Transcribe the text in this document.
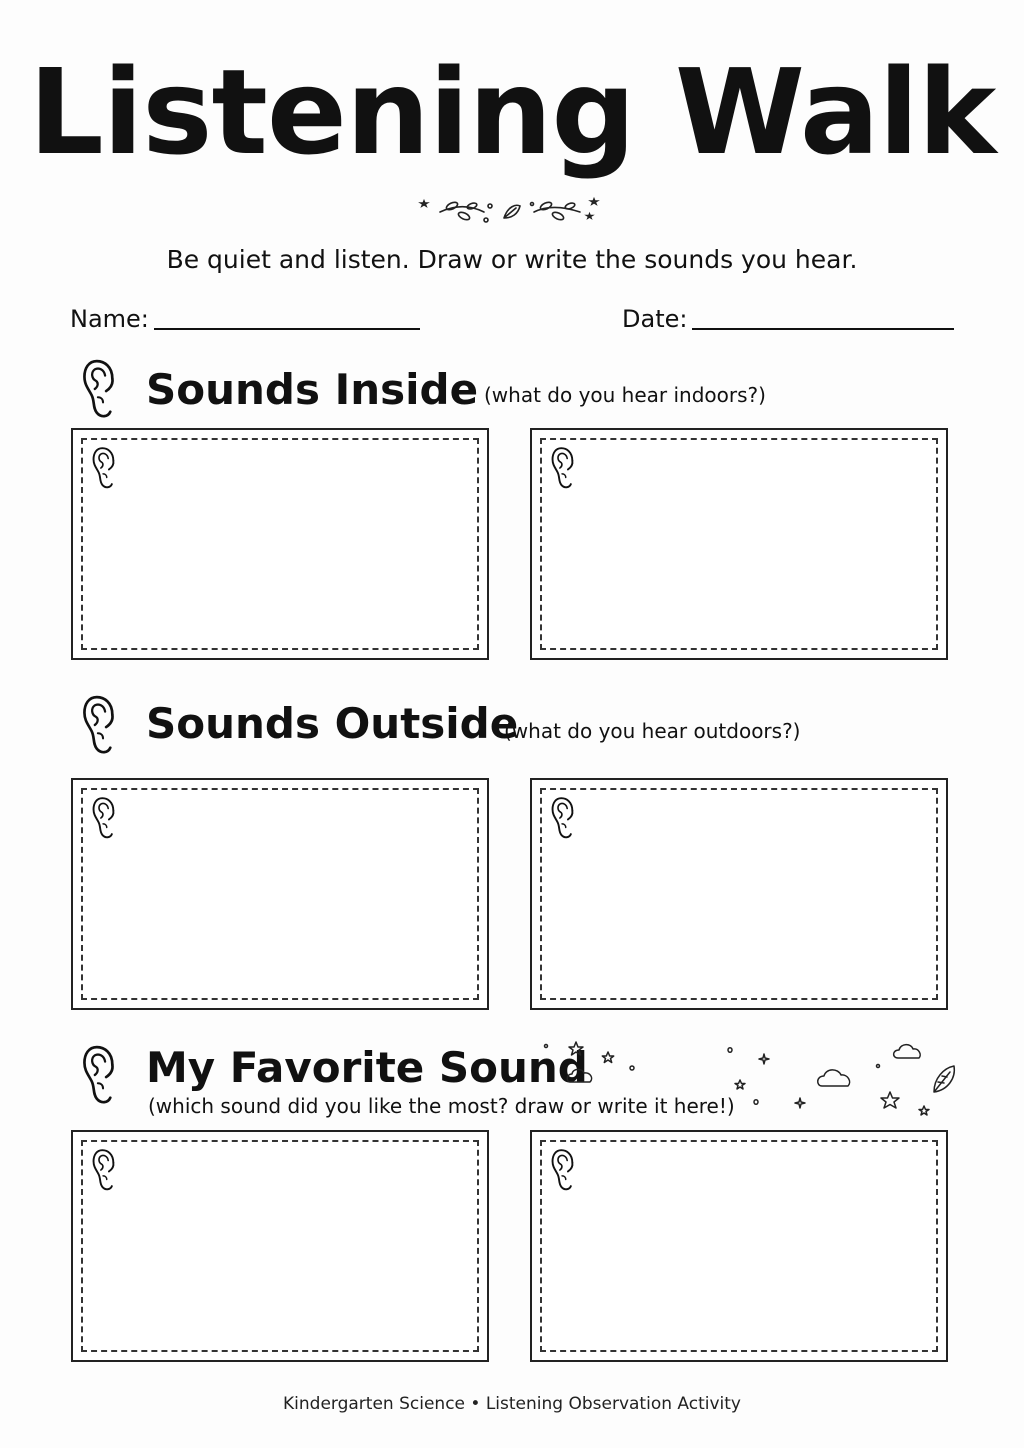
Listening Walk
Be quiet and listen. Draw or write the sounds you hear.
Name:	Date:
Sounds Inside (what do you hear indoors?)
Sounds Outside
(what do you hear outdoors?)
My Favorite Sound
(which sound did you like the most? draw or write it here!)
Kindergarten Science • Listening Observation Activity
